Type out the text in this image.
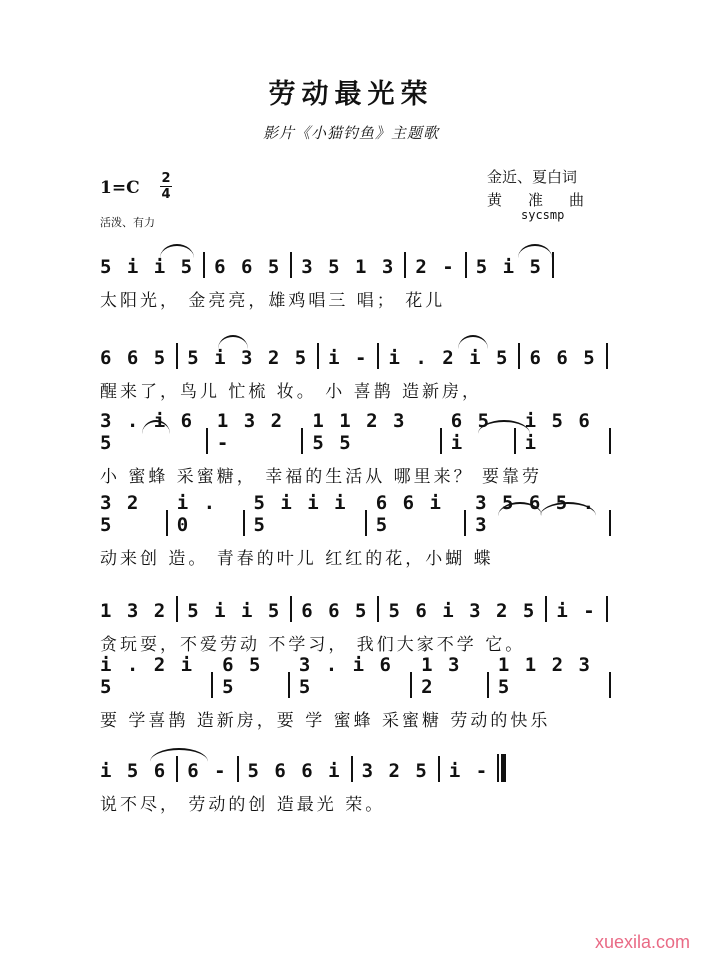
劳动最光荣
影片《小猫钓鱼》主题歌
1=C 2
4
活泼、有力
金近、夏白词
黄准曲
sycsmp
5 i i 5 6 6 5 3 5 1 3 2 - 5 i 5
太阳光， 金亮亮，雄鸡唱三 唱； 花儿
6 6 5 5 i 3 2 5 i - i . 2 i 5 6 6 5
醒来了，鸟儿 忙梳 妆。 小 喜鹊 造新房，
3 . i 6 5
1 3 2 -
1 1 2 3 5 5
6 5 i
i 5 6 i
小 蜜蜂 采蜜糖， 幸福的生活从 哪里来？ 要靠劳
3 2 5
i . 0
5 i i i 5
6 6 i 5
3 5 6 5 . 3
动来创 造。 青春的叶儿 红红的花，小蝴 蝶
1 3 2 5 i i 5 6 6 5 5 6 i 3 2 5 i -
贪玩耍，不爱劳动 不学习， 我们大家不学 它。
i . 2 i 5
6 5 5
3 . i 6 5
1 3 2
1 1 2 3 5
要 学喜鹊 造新房，要 学 蜜蜂 采蜜糖 劳动的快乐
i 5 6 6 - 5 6 6 i 3 2 5 i -
说不尽， 劳动的创 造最光 荣。
xuexila.com
